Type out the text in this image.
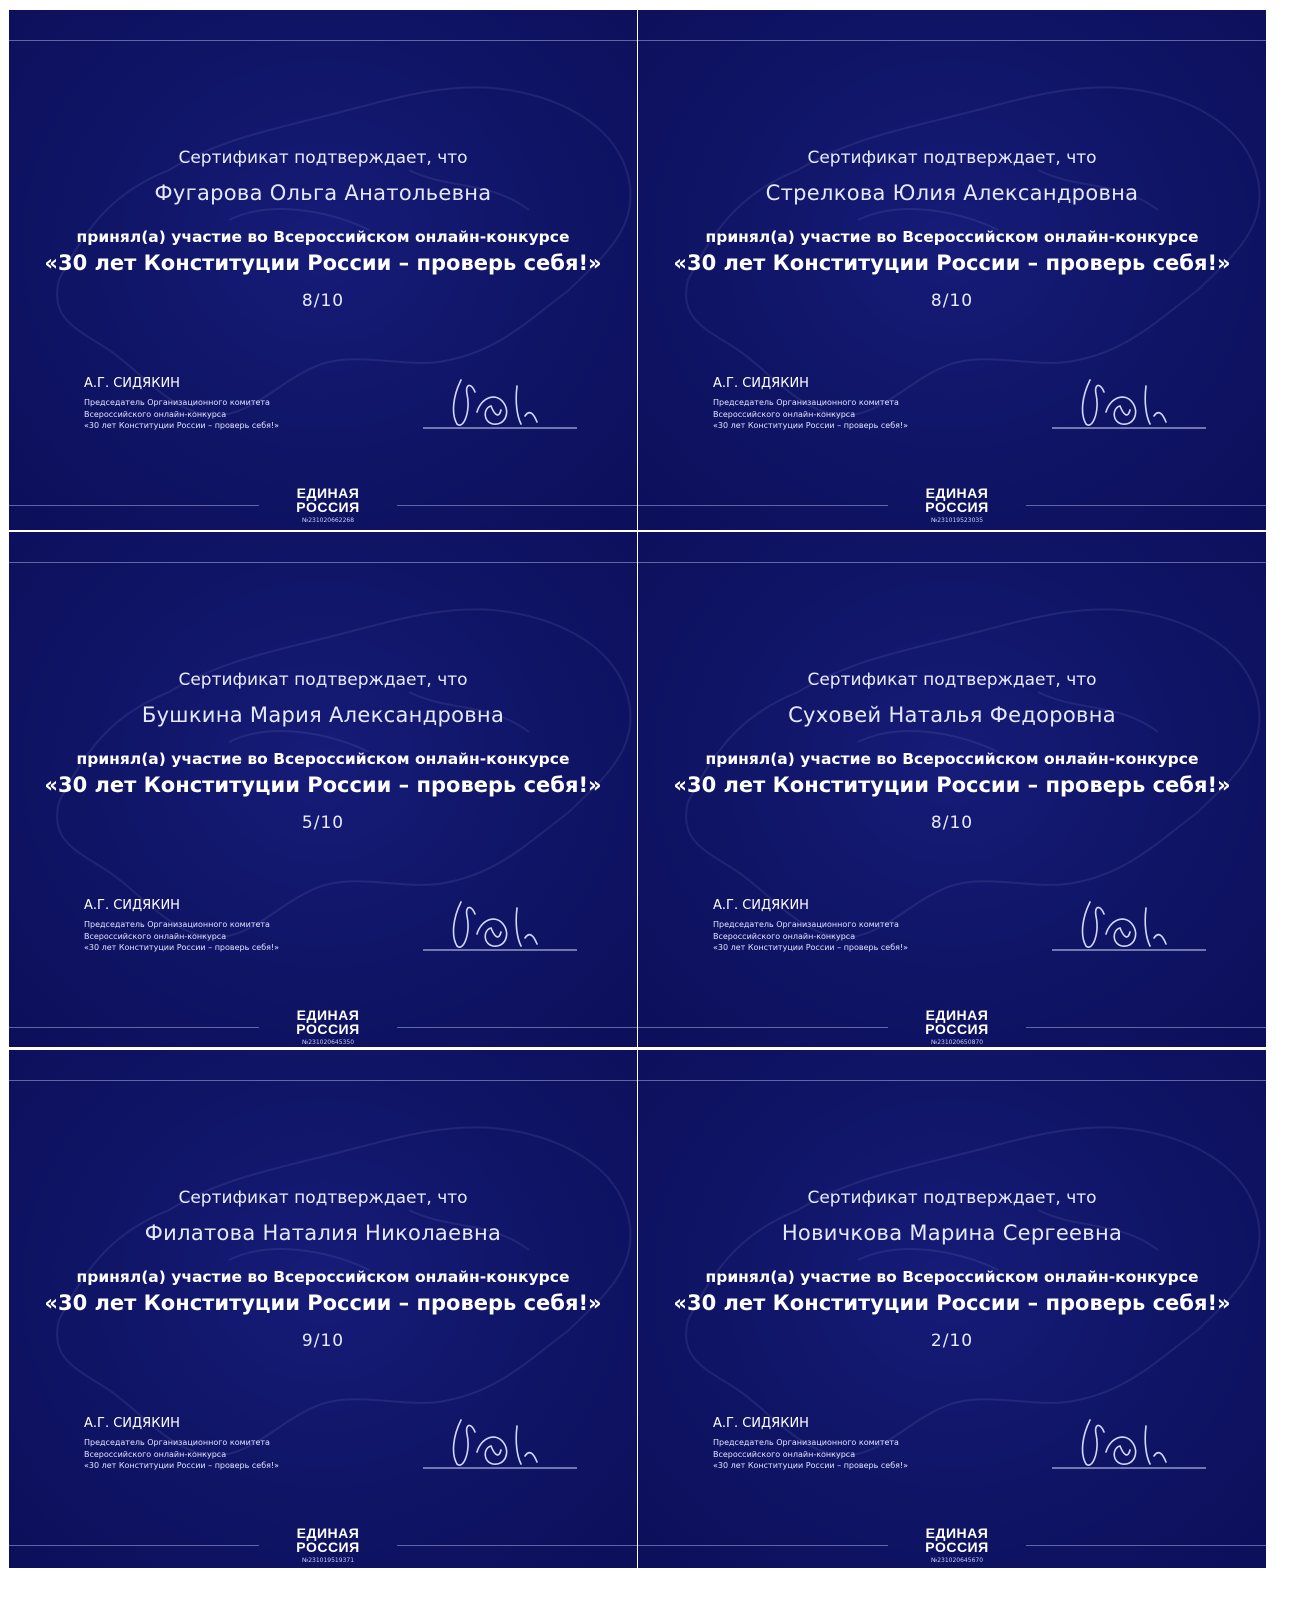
Сертификат подтверждает, что
Фугарова Ольга Анатольевна
принял(а) участие во Всероссийском онлайн-конкурсе
«30 лет Конституции России – проверь себя!»
8/10
А.Г. СИДЯКИН
Председатель Организационного комитета
Всероссийского онлайн-конкурса
«30 лет Конституции России – проверь себя!»
ЕДИНАЯ
РОССИЯ
№231020662268
Сертификат подтверждает, что
Стрелкова Юлия Александровна
принял(а) участие во Всероссийском онлайн-конкурсе
«30 лет Конституции России – проверь себя!»
8/10
А.Г. СИДЯКИН
Председатель Организационного комитета
Всероссийского онлайн-конкурса
«30 лет Конституции России – проверь себя!»
ЕДИНАЯ
РОССИЯ
№231019523035
Сертификат подтверждает, что
Бушкина Мария Александровна
принял(а) участие во Всероссийском онлайн-конкурсе
«30 лет Конституции России – проверь себя!»
5/10
А.Г. СИДЯКИН
Председатель Организационного комитета
Всероссийского онлайн-конкурса
«30 лет Конституции России – проверь себя!»
ЕДИНАЯ
РОССИЯ
№231020645350
Сертификат подтверждает, что
Суховей Наталья Федоровна
принял(а) участие во Всероссийском онлайн-конкурсе
«30 лет Конституции России – проверь себя!»
8/10
А.Г. СИДЯКИН
Председатель Организационного комитета
Всероссийского онлайн-конкурса
«30 лет Конституции России – проверь себя!»
ЕДИНАЯ
РОССИЯ
№231020650870
Сертификат подтверждает, что
Филатова Наталия Николаевна
принял(а) участие во Всероссийском онлайн-конкурсе
«30 лет Конституции России – проверь себя!»
9/10
А.Г. СИДЯКИН
Председатель Организационного комитета
Всероссийского онлайн-конкурса
«30 лет Конституции России – проверь себя!»
ЕДИНАЯ
РОССИЯ
№231019519371
Сертификат подтверждает, что
Новичкова Марина Сергеевна
принял(а) участие во Всероссийском онлайн-конкурсе
«30 лет Конституции России – проверь себя!»
2/10
А.Г. СИДЯКИН
Председатель Организационного комитета
Всероссийского онлайн-конкурса
«30 лет Конституции России – проверь себя!»
ЕДИНАЯ
РОССИЯ
№231020645670
